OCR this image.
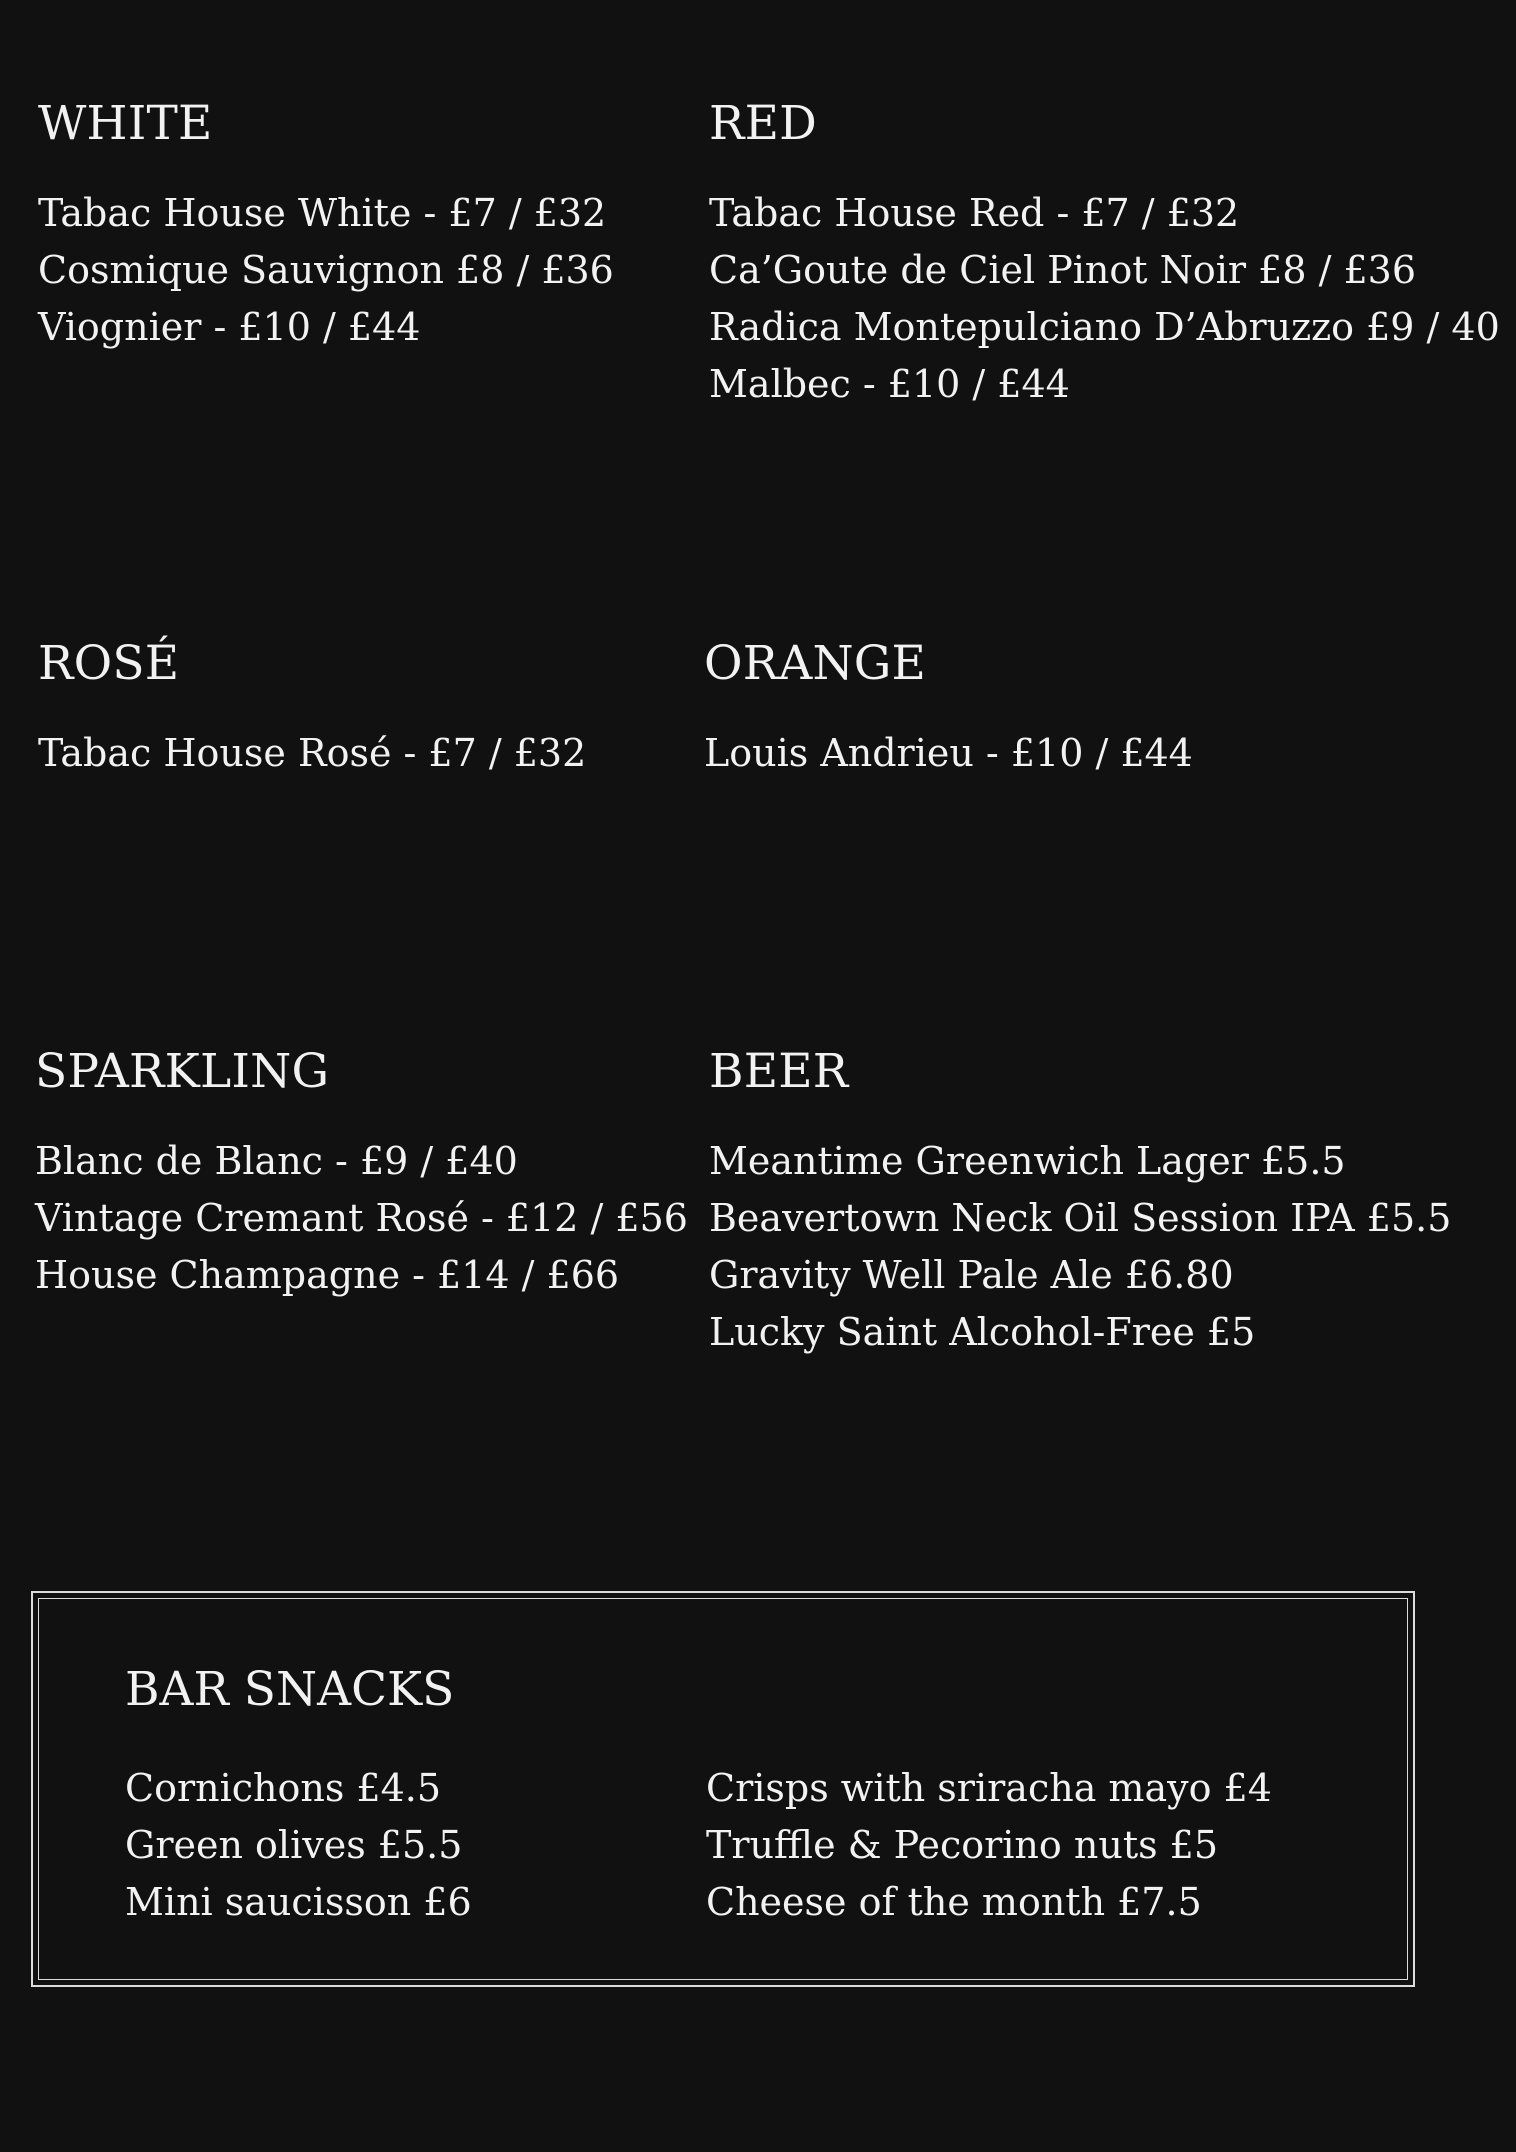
WHITE
Tabac House White - £7 / £32
Cosmique Sauvignon £8 / £36
Viognier - £10 / £44
RED
Tabac House Red - £7 / £32
Ca’Goute de Ciel Pinot Noir £8 / £36
Radica Montepulciano D’Abruzzo £9 / 40
Malbec - £10 / £44
ROSÉ
Tabac House Rosé - £7 / £32
ORANGE
Louis Andrieu - £10 / £44
SPARKLING
Blanc de Blanc - £9 / £40
Vintage Cremant Rosé - £12 / £56
House Champagne - £14 / £66
BEER
Meantime Greenwich Lager £5.5
Beavertown Neck Oil Session IPA £5.5
Gravity Well Pale Ale £6.80
Lucky Saint Alcohol-Free £5
BAR SNACKS
Cornichons £4.5
Green olives £5.5
Mini saucisson £6
Crisps with sriracha mayo £4
Truffle & Pecorino nuts £5
Cheese of the month £7.5
